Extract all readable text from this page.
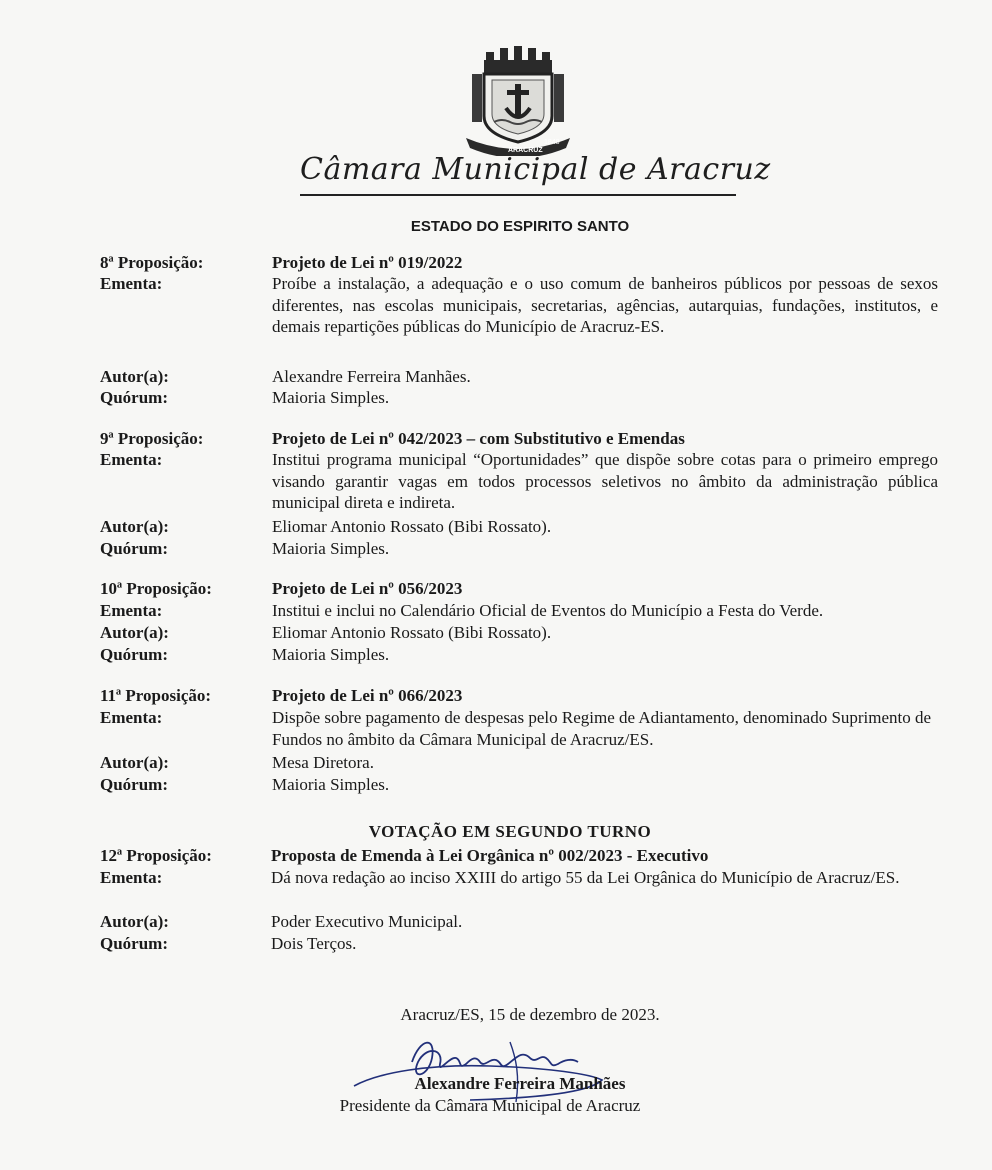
ARACRUZ
1848
Câmara Municipal de Aracruz
ESTADO DO ESPIRITO SANTO
8ª Proposição:	Projeto de Lei nº 019/2022
Ementa:	Proíbe a instalação, a adequação e o uso comum de banheiros públicos por pessoas de sexos diferentes, nas escolas municipais, secretarias, agências, autarquias, fundações, institutos, e demais repartições públicas do Município de Aracruz-ES.
Autor(a):	Alexandre Ferreira Manhães.
Quórum:	Maioria Simples.
9ª Proposição:	Projeto de Lei nº 042/2023 – com Substitutivo e Emendas
Ementa:	Institui programa municipal “Oportunidades” que dispõe sobre cotas para o primeiro emprego visando garantir vagas em todos processos seletivos no âmbito da administração pública municipal direta e indireta.
Autor(a):	Eliomar Antonio Rossato (Bibi Rossato).
Quórum:	Maioria Simples.
10ª Proposição:	Projeto de Lei nº 056/2023
Ementa:	Institui e inclui no Calendário Oficial de Eventos do Município a Festa do Verde.
Autor(a):	Eliomar Antonio Rossato (Bibi Rossato).
Quórum:	Maioria Simples.
11ª Proposição:	Projeto de Lei nº 066/2023
Ementa:	Dispõe sobre pagamento de despesas pelo Regime de Adiantamento, denominado Suprimento de Fundos no âmbito da Câmara Municipal de Aracruz/ES.
Autor(a):	Mesa Diretora.
Quórum:	Maioria Simples.
VOTAÇÃO EM SEGUNDO TURNO
12ª Proposição:	Proposta de Emenda à Lei Orgânica nº 002/2023 - Executivo
Ementa:	Dá nova redação ao inciso XXIII do artigo 55 da Lei Orgânica do Município de Aracruz/ES.
Autor(a):	Poder Executivo Municipal.
Quórum:	Dois Terços.
Aracruz/ES, 15 de dezembro de 2023.
Alexandre Ferreira Manhães
Presidente da Câmara Municipal de Aracruz
